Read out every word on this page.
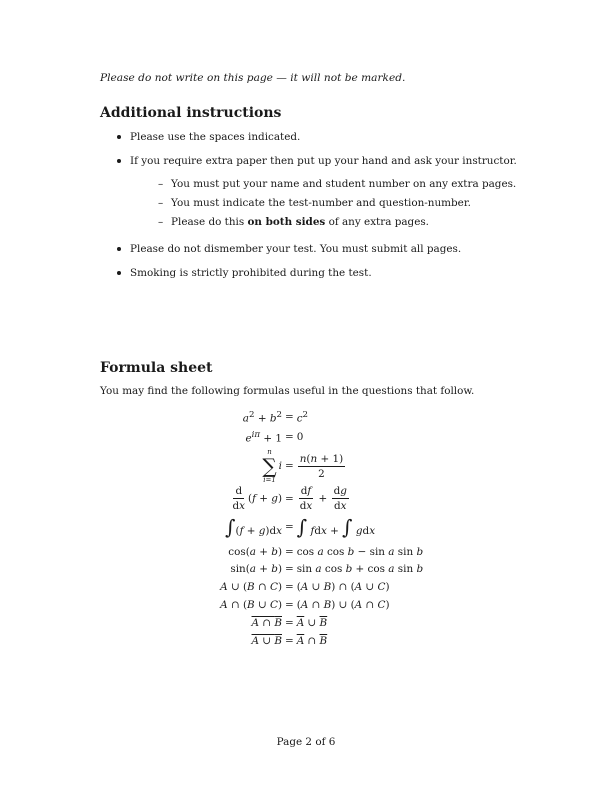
Please do not write on this page — it will not be marked.
Additional instructions
Please use the spaces indicated.
If you require extra paper then put up your hand and ask your instructor.
– You must put your name and student number on any extra pages.
– You must indicate the test-number and question-number.
– Please do this on both sides of any extra pages.
Please do not dismember your test. You must submit all pages.
Smoking is strictly prohibited during the test.
Formula sheet
You may find the following formulas useful in the questions that follow.
$a^2 + b^2 = c^2$
$e^{i\pi} + 1 = 0$
n
∑
i=1
$i = \frac{n(n + 1)}{2}$
$\frac{d}{dx} (f + g) = \frac{df}{dx} + \frac{dg}{dx}$
∫(f + g)dx = ∫ fdx + ∫ gdx
cos(a + b) = cos a cos b − sin a sin b
sin(a + b) = sin a cos b + cos a sin b
A ∪ (B ∩ C) = (A ∪ B) ∩ (A ∪ C)
A ∩ (B ∪ C) = (A ∩ B) ∪ (A ∩ C)
A ∩ $B = \overline{A}$ ∪ $\overline{B}$
A ∪ $B = \overline{A}$ ∩ $\overline{B}$
Page 2 of 6
